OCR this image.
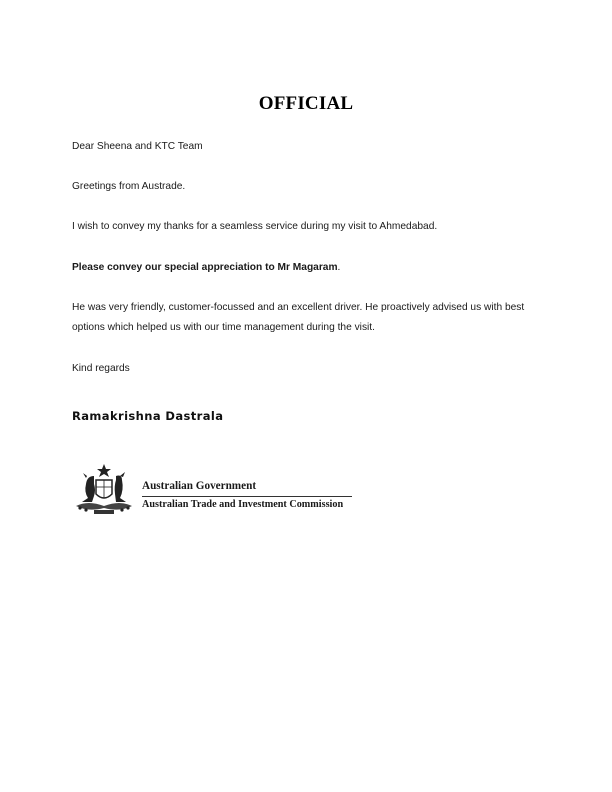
OFFICIAL
Dear Sheena and KTC Team
Greetings from Austrade.
I wish to convey my thanks for a seamless service during my visit to Ahmedabad.
Please convey our special appreciation to Mr Magaram.
He was very friendly, customer-focussed and an excellent driver. He proactively advised us with best
options which helped us with our time management during the visit.
Kind regards
Ramakrishna Dastrala
Australian Government
Australian Trade and Investment Commission
